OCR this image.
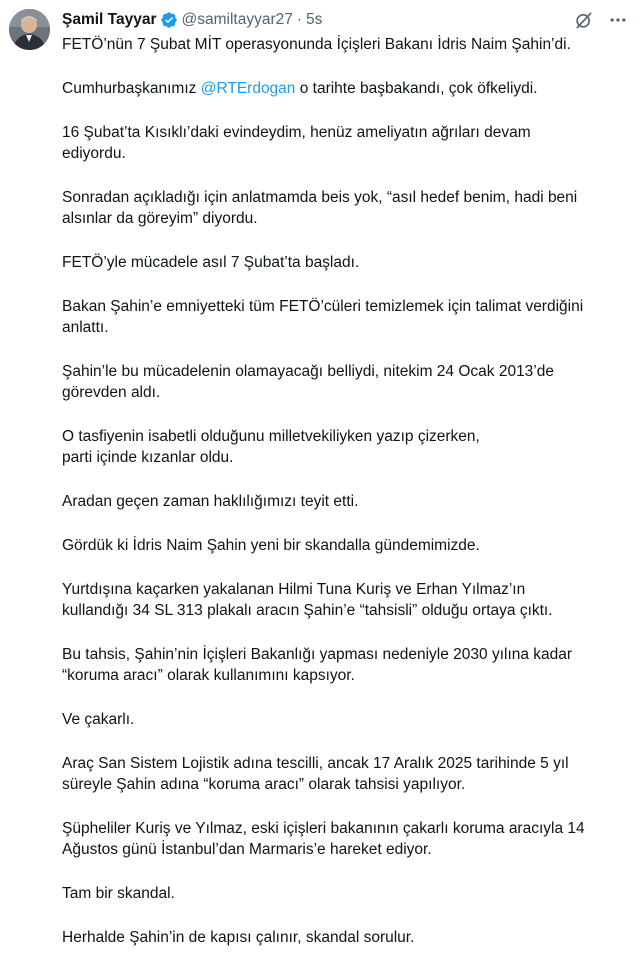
Şamil Tayyar @samiltayyar27 · 5s

FETÖ’nün 7 Şubat MİT operasyonunda İçişleri Bakanı İdris Naim Şahin’di.

Cumhurbaşkanımız @RTErdogan o tarihte başbakandı, çok öfkeliydi.

16 Şubat’ta Kısıklı’daki evindeydim, henüz ameliyatın ağrıları devam
ediyordu.

Sonradan açıkladığı için anlatmamda beis yok, “asıl hedef benim, hadi beni
alsınlar da göreyim” diyordu.

FETÖ’yle mücadele asıl 7 Şubat’ta başladı.

Bakan Şahin’e emniyetteki tüm FETÖ’cüleri temizlemek için talimat verdiğini
anlattı.

Şahin’le bu mücadelenin olamayacağı belliydi, nitekim 24 Ocak 2013’de
görevden aldı.

O tasfiyenin isabetli olduğunu milletvekiliyken yazıp çizerken,
parti içinde kızanlar oldu.

Aradan geçen zaman haklılığımızı teyit etti.

Gördük ki İdris Naim Şahin yeni bir skandalla gündemimizde.

Yurtdışına kaçarken yakalanan Hilmi Tuna Kuriş ve Erhan Yılmaz’ın
kullandığı 34 SL 313 plakalı aracın Şahin’e “tahsisli” olduğu ortaya çıktı.

Bu tahsis, Şahin’nin İçişleri Bakanlığı yapması nedeniyle 2030 yılına kadar
“koruma aracı” olarak kullanımını kapsıyor.

Ve çakarlı.

Araç San Sistem Lojistik adına tescilli, ancak 17 Aralık 2025 tarihinde 5 yıl
süreyle Şahin adına “koruma aracı” olarak tahsisi yapılıyor.

Şüpheliler Kuriş ve Yılmaz, eski içişleri bakanının çakarlı koruma aracıyla 14
Ağustos günü İstanbul’dan Marmaris’e hareket ediyor.

Tam bir skandal.

Herhalde Şahin’in de kapısı çalınır, skandal sorulur.
